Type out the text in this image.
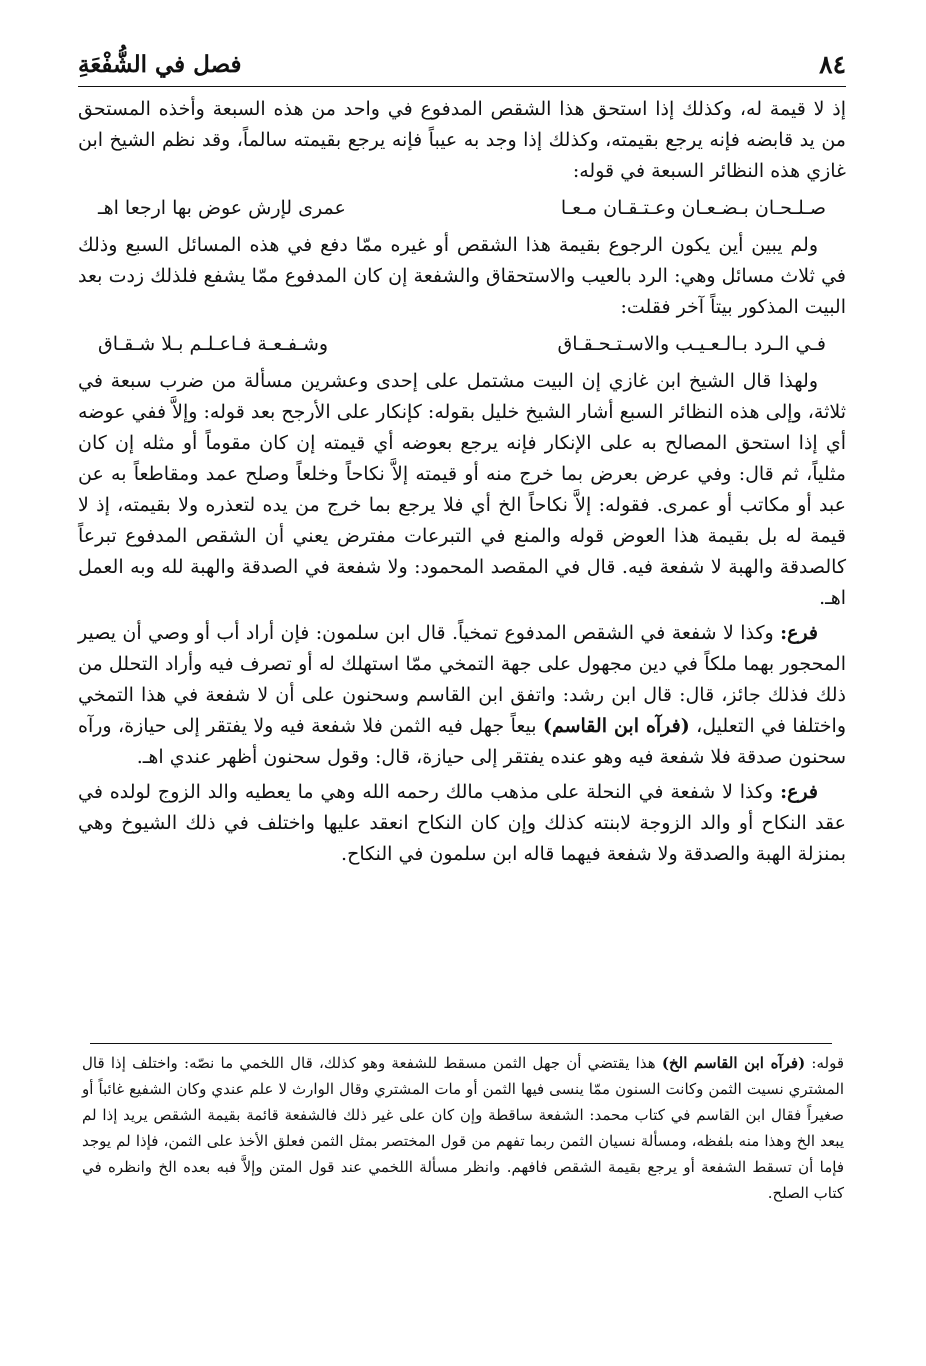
٨٤
فصل في الشُّفْعَةِ

إذ لا قيمة له، وكذلك إذا استحق هذا الشقص المدفوع في واحد من هذه السبعة وأخذه المستحق من يد قابضه فإنه يرجع بقيمته، وكذلك إذا وجد به عيباً فإنه يرجع بقيمته سالماً، وقد نظم الشيخ ابن غازي هذه النظائر السبعة في قوله:

صـلـحـان بـضـعـان وعـتـقـان مـعـا
عمرى لإرش عوض بها ارجعا اهـ

ولم يبين أين يكون الرجوع بقيمة هذا الشقص أو غيره ممّا دفع في هذه المسائل السبع وذلك في ثلاث مسائل وهي: الرد بالعيب والاستحقاق والشفعة إن كان المدفوع ممّا يشفع فلذلك زدت بعد البيت المذكور بيتاً آخر فقلت:

فـي الـرد بـالـعـيـب والاسـتـحـقـاق
وشـفـعـة فـاعـلـم بـلا شـقـاق

ولهذا قال الشيخ ابن غازي إن البيت مشتمل على إحدى وعشرين مسألة من ضرب سبعة في ثلاثة، وإلى هذه النظائر السبع أشار الشيخ خليل بقوله: كإنكار على الأرجح بعد قوله: وإلاَّ ففي عوضه أي إذا استحق المصالح به على الإنكار فإنه يرجع بعوضه أي قيمته إن كان مقوماً أو مثله إن كان مثلياً، ثم قال: وفي عرض بعرض بما خرج منه أو قيمته إلاَّ نكاحاً وخلعاً وصلح عمد ومقاطعاً به عن عبد أو مكاتب أو عمرى. فقوله: إلاَّ نكاحاً الخ أي فلا يرجع بما خرج من يده لتعذره ولا بقيمته، إذ لا قيمة له بل بقيمة هذا العوض قوله والمنع في التبرعات مفترض يعني أن الشقص المدفوع تبرعاً كالصدقة والهبة لا شفعة فيه. قال في المقصد المحمود: ولا شفعة في الصدقة والهبة لله وبه العمل اهـ.

فرع: وكذا لا شفعة في الشقص المدفوع تمخياً. قال ابن سلمون: فإن أراد أب أو وصي أن يصير المحجور بهما ملكاً في دين مجهول على جهة التمخي ممّا استهلك له أو تصرف فيه وأراد التحلل من ذلك فذلك جائز، قال: قال ابن رشد: واتفق ابن القاسم وسحنون على أن لا شفعة في هذا التمخي واختلفا في التعليل، (فرآه ابن القاسم) بيعاً جهل فيه الثمن فلا شفعة فيه ولا يفتقر إلى حيازة، ورآه سحنون صدقة فلا شفعة فيه وهو عنده يفتقر إلى حيازة، قال: وقول سحنون أظهر عندي اهـ.

فرع: وكذا لا شفعة في النحلة على مذهب مالك رحمه الله وهي ما يعطيه والد الزوج لولده في عقد النكاح أو والد الزوجة لابنته كذلك وإن كان النكاح انعقد عليها واختلف في ذلك الشيوخ وهي بمنزلة الهبة والصدقة ولا شفعة فيهما قاله ابن سلمون في النكاح.

قوله: (فرآه ابن القاسم الخ) هذا يقتضي أن جهل الثمن مسقط للشفعة وهو كذلك، قال اللخمي ما نصّه: واختلف إذا قال المشتري نسيت الثمن وكانت السنون ممّا ينسى فيها الثمن أو مات المشتري وقال الوارث لا علم عندي وكان الشفيع غائباً أو صغيراً فقال ابن القاسم في كتاب محمد: الشفعة ساقطة وإن كان على غير ذلك فالشفعة قائمة بقيمة الشقص يريد إذا لم يبعد الخ وهذا منه بلفظه، ومسألة نسيان الثمن ربما تفهم من قول المختصر بمثل الثمن فعلق الأخذ على الثمن، فإذا لم يوجد فإما أن تسقط الشفعة أو يرجع بقيمة الشقص فافهم. وانظر مسألة اللخمي عند قول المتن وإلاَّ فبه بعده الخ وانظره في كتاب الصلح.
